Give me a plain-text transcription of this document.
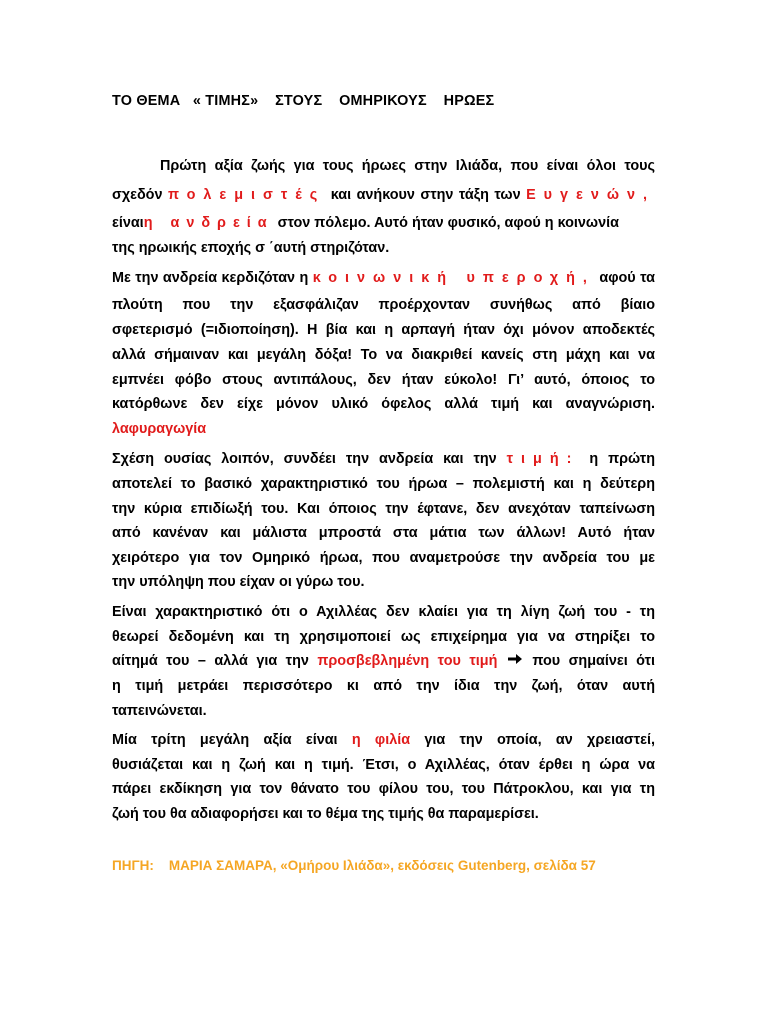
ΤΟ ΘΕΜΑ   « ΤΙΜΗΣ»    ΣΤΟΥΣ    ΟΜΗΡΙΚΟΥΣ    ΗΡΩΕΣ
Πρώτη αξία ζωής για τους ήρωες στην Ιλιάδα, που είναι όλοι τους
σχεδόν πολεμιστές και ανήκουν στην τάξη των Ευγενών,
είναιη ανδρεία στον πόλεμο. Αυτό ήταν φυσικό, αφού η κοινωνία
της ηρωικής εποχής σ ΄αυτή στηριζόταν.
Με την ανδρεία κερδιζόταν η κοινωνική υπεροχή, αφού τα
πλούτη που την εξασφάλιζαν προέρχονταν συνήθως από βίαιο
σφετερισμό (=ιδιοποίηση). Η βία και η αρπαγή ήταν όχι μόνον αποδεκτές
αλλά σήμαιναν και μεγάλη δόξα! Το να διακριθεί κανείς στη μάχη και να
εμπνέει φόβο στους αντιπάλους, δεν ήταν εύκολο! Γι’ αυτό, όποιος το
κατόρθωνε δεν είχε μόνον υλικό όφελος αλλά τιμή και αναγνώριση.
λαφυραγωγία
Σχέση ουσίας λοιπόν, συνδέει την ανδρεία και την τιμή: η πρώτη
αποτελεί το βασικό χαρακτηριστικό του ήρωα – πολεμιστή και η δεύτερη
την κύρια επιδίωξή του. Και όποιος την έφτανε, δεν ανεχόταν ταπείνωση
από κανέναν και μάλιστα μπροστά στα μάτια των άλλων! Αυτό ήταν
χειρότερο για τον Ομηρικό ήρωα, που αναμετρούσε την ανδρεία του με
την υπόληψη που είχαν οι γύρω του.
Είναι χαρακτηριστικό ότι ο Αχιλλέας δεν κλαίει για τη λίγη ζωή του - τη
θεωρεί δεδομένη και τη χρησιμοποιεί ως επιχείρημα για να στηρίξει το
αίτημά του – αλλά για την προσβεβλημένη του τιμή που σημαίνει ότι
η τιμή μετράει περισσότερο κι από την ίδια την ζωή, όταν αυτή
ταπεινώνεται.
Μία τρίτη μεγάλη αξία είναι η φιλία για την οποία, αν χρειαστεί,
θυσιάζεται και η ζωή και η τιμή. Έτσι, ο Αχιλλέας, όταν έρθει η ώρα να
πάρει εκδίκηση για τον θάνατο του φίλου του, του Πάτροκλου, και για τη
ζωή του θα αδιαφορήσει και το θέμα της τιμής θα παραμερίσει.
ΠΗΓΗ:    ΜΑΡΙΑ ΣΑΜΑΡΑ, «Ομήρου Ιλιάδα», εκδόσεις Gutenberg, σελίδα 57
